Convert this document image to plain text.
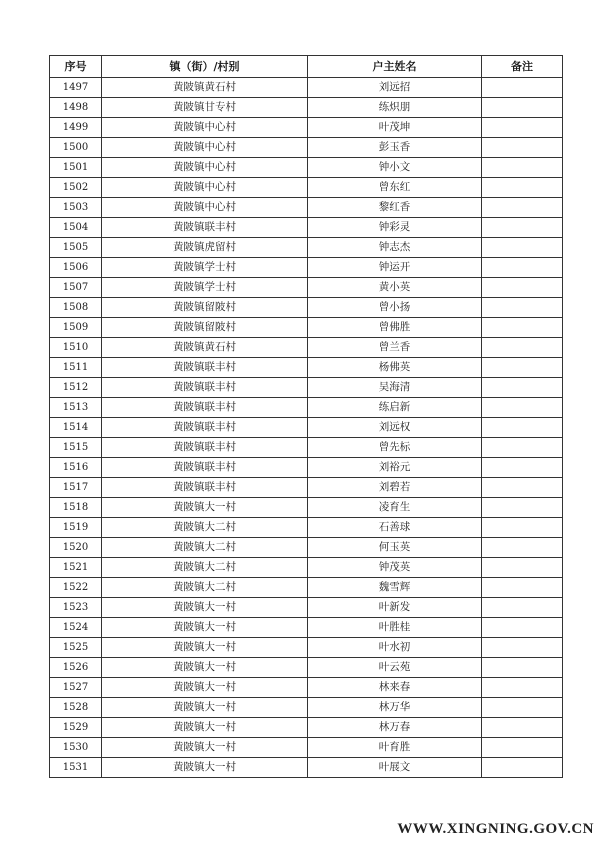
序号	镇（街）/村别	户主姓名	备注
1497	黄陂镇黄石村	刘远招	
1498	黄陂镇甘专村	练炽朋	
1499	黄陂镇中心村	叶茂坤	
1500	黄陂镇中心村	彭玉香	
1501	黄陂镇中心村	钟小文	
1502	黄陂镇中心村	曾东红	
1503	黄陂镇中心村	黎红香	
1504	黄陂镇联丰村	钟彩灵	
1505	黄陂镇虎留村	钟志杰	
1506	黄陂镇学士村	钟运开	
1507	黄陂镇学士村	黄小英	
1508	黄陂镇留陂村	曾小扬	
1509	黄陂镇留陂村	曾佛胜	
1510	黄陂镇黄石村	曾兰香	
1511	黄陂镇联丰村	杨佛英	
1512	黄陂镇联丰村	吴海清	
1513	黄陂镇联丰村	练启新	
1514	黄陂镇联丰村	刘远权	
1515	黄陂镇联丰村	曾先标	
1516	黄陂镇联丰村	刘裕元	
1517	黄陂镇联丰村	刘碧若	
1518	黄陂镇大一村	凌育生	
1519	黄陂镇大二村	石善球	
1520	黄陂镇大二村	何玉英	
1521	黄陂镇大二村	钟茂英	
1522	黄陂镇大二村	魏雪辉	
1523	黄陂镇大一村	叶新发	
1524	黄陂镇大一村	叶胜桂	
1525	黄陂镇大一村	叶水初	
1526	黄陂镇大一村	叶云苑	
1527	黄陂镇大一村	林来春	
1528	黄陂镇大一村	林万华	
1529	黄陂镇大一村	林万春	
1530	黄陂镇大一村	叶育胜	
1531	黄陂镇大一村	叶展文	
WWW.XINGNING.GOV.CN
